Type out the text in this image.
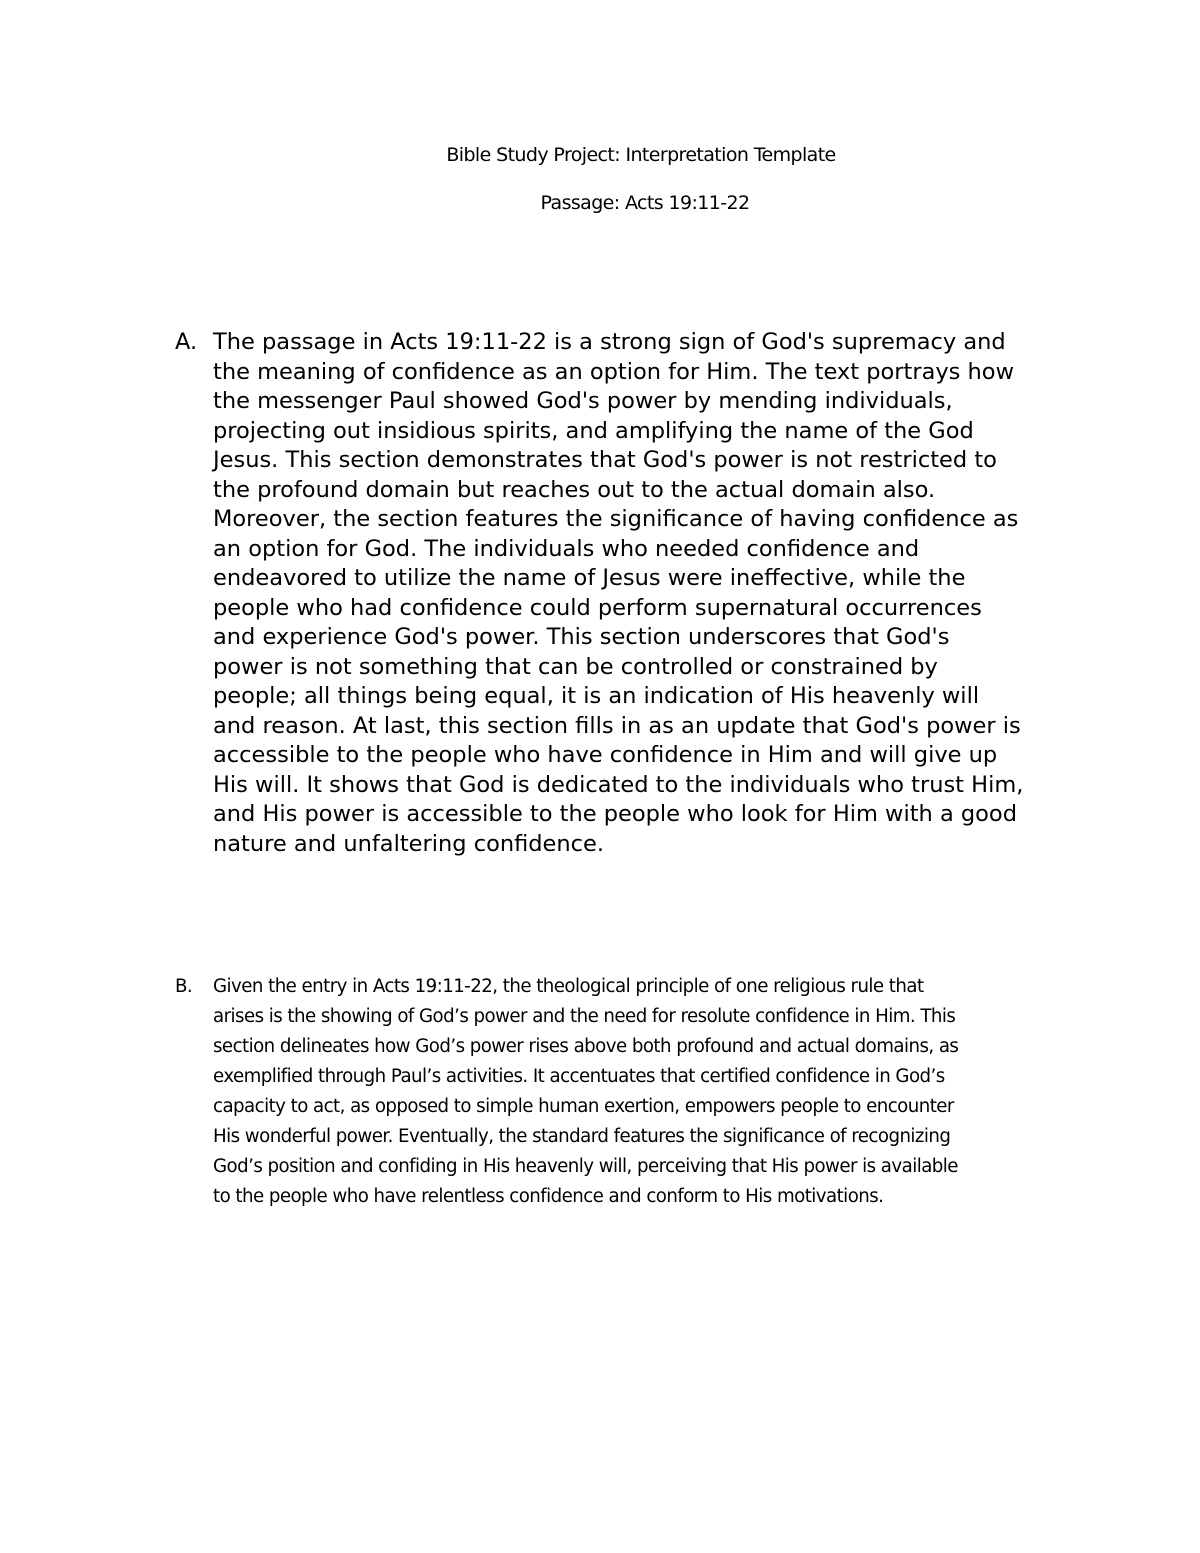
Bible Study Project: Interpretation Template
Passage: Acts 19:11-22
A. The passage in Acts 19:11-22 is a strong sign of God's supremacy and
the meaning of confidence as an option for Him. The text portrays how
the messenger Paul showed God's power by mending individuals,
projecting out insidious spirits, and amplifying the name of the God
Jesus. This section demonstrates that God's power is not restricted to
the profound domain but reaches out to the actual domain also.
Moreover, the section features the significance of having confidence as
an option for God. The individuals who needed confidence and
endeavored to utilize the name of Jesus were ineffective, while the
people who had confidence could perform supernatural occurrences
and experience God's power. This section underscores that God's
power is not something that can be controlled or constrained by
people; all things being equal, it is an indication of His heavenly will
and reason. At last, this section fills in as an update that God's power is
accessible to the people who have confidence in Him and will give up
His will. It shows that God is dedicated to the individuals who trust Him,
and His power is accessible to the people who look for Him with a good
nature and unfaltering confidence.
B.	Given the entry in Acts 19:11-22, the theological principle of one religious rule that
arises is the showing of God’s power and the need for resolute confidence in Him. This
section delineates how God’s power rises above both profound and actual domains, as
exemplified through Paul’s activities. It accentuates that certified confidence in God’s
capacity to act, as opposed to simple human exertion, empowers people to encounter
His wonderful power. Eventually, the standard features the significance of recognizing
God’s position and confiding in His heavenly will, perceiving that His power is available
to the people who have relentless confidence and conform to His motivations.
